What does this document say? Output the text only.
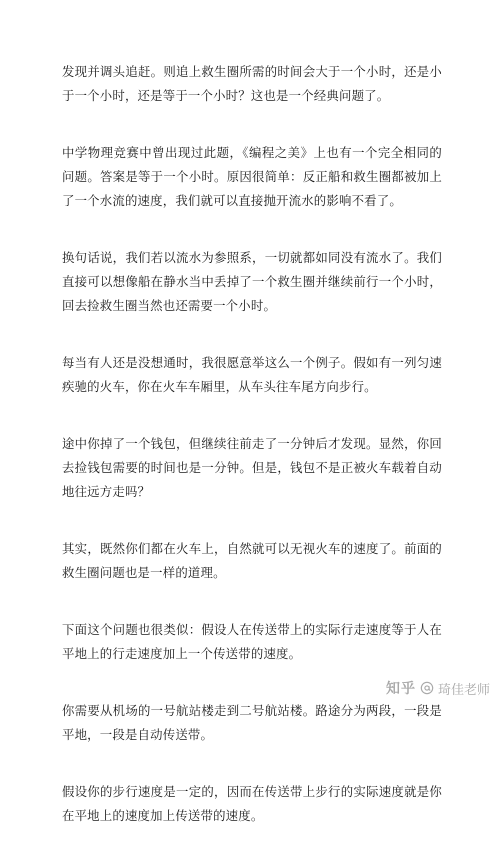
发现并调头追赶。则追上救生圈所需的时间会大于一个小时，还是小于一个小时，还是等于一个小时？这也是一个经典问题了。

中学物理竞赛中曾出现过此题，《编程之美》上也有一个完全相同的问题。答案是等于一个小时。原因很简单：反正船和救生圈都被加上了一个水流的速度，我们就可以直接抛开流水的影响不看了。

换句话说，我们若以流水为参照系，一切就都如同没有流水了。我们直接可以想像船在静水当中丢掉了一个救生圈并继续前行一个小时，回去捡救生圈当然也还需要一个小时。

每当有人还是没想通时，我很愿意举这么一个例子。假如有一列匀速疾驰的火车，你在火车车厢里，从车头往车尾方向步行。

途中你掉了一个钱包，但继续往前走了一分钟后才发现。显然，你回去捡钱包需要的时间也是一分钟。但是，钱包不是正被火车载着自动地往远方走吗？

其实，既然你们都在火车上，自然就可以无视火车的速度了。前面的救生圈问题也是一样的道理。

下面这个问题也很类似：假设人在传送带上的实际行走速度等于人在平地上的行走速度加上一个传送带的速度。

你需要从机场的一号航站楼走到二号航站楼。路途分为两段，一段是平地，一段是自动传送带。

假设你的步行速度是一定的，因而在传送带上步行的实际速度就是你在平地上的速度加上传送带的速度。

知乎 琦佳老师
